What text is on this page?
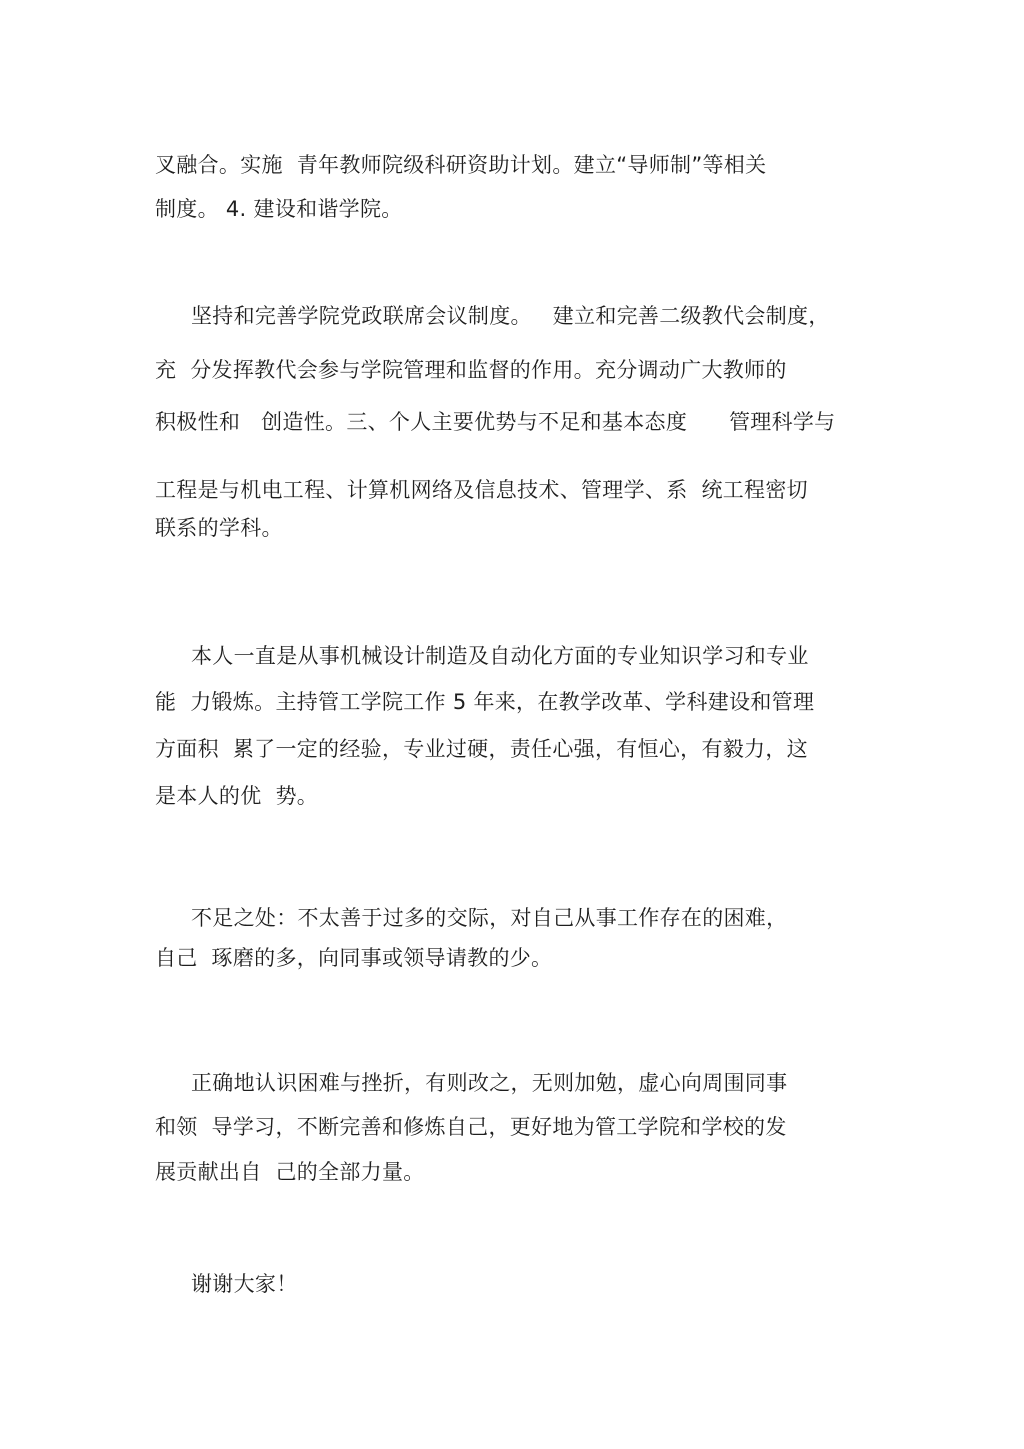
叉融合。实施  青年教师院级科研资助计划。建立“导师制”等相关
制度。 4. 建设和谐学院。
坚持和完善学院党政联席会议制度。   建立和完善二级教代会制度，
充  分发挥教代会参与学院管理和监督的作用。充分调动广大教师的
积极性和   创造性。三、个人主要优势与不足和基本态度      管理科学与
工程是与机电工程、计算机网络及信息技术、管理学、系  统工程密切
联系的学科。
本人一直是从事机械设计制造及自动化方面的专业知识学习和专业
能  力锻炼。主持管工学院工作 5 年来，在教学改革、学科建设和管理
方面积  累了一定的经验，专业过硬，责任心强，有恒心，有毅力，这
是本人的优  势。
不足之处：不太善于过多的交际，对自己从事工作存在的困难，
自己  琢磨的多，向同事或领导请教的少。
正确地认识困难与挫折，有则改之，无则加勉，虚心向周围同事
和领  导学习，不断完善和修炼自己，更好地为管工学院和学校的发
展贡献出自  己的全部力量。
谢谢大家！
